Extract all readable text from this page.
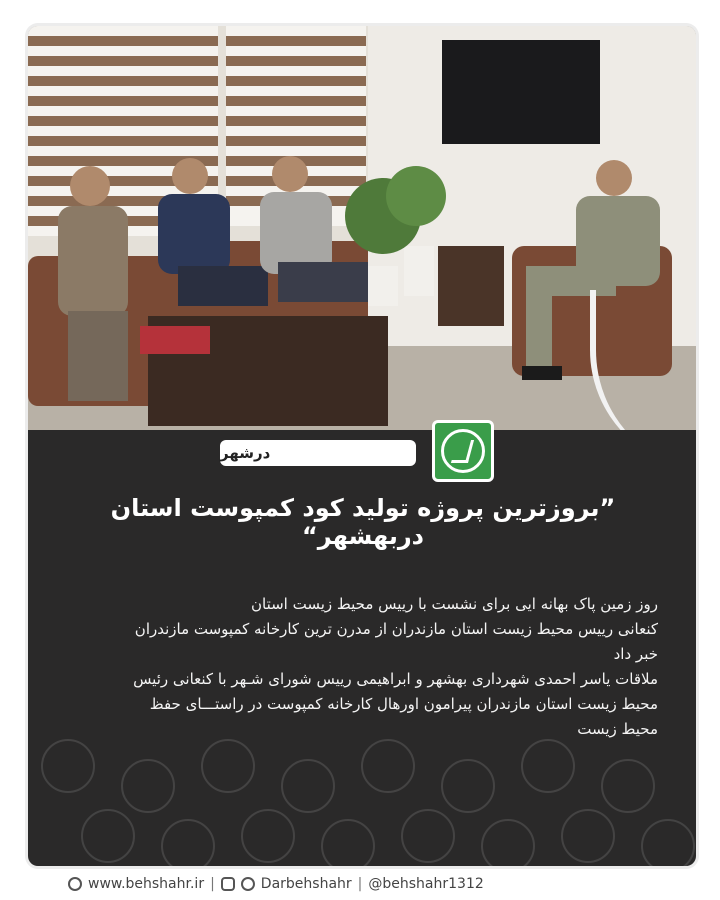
درشهر
”بروزترین پروژه تولید کود کمپوست استان دربهشهر“

روز زمین پاک بهانه ایی برای نشست با رییس محیط زیست استان

کنعانی رییس محیط زیست استان مازندران از مدرن ترین کارخانه کمپوست مازندران

خبر داد

ملاقات یاسر احمدی شهرداری بهشهر و ابراهیمی رییس شورای شـهر با کنعانی رئیس

محیط زیست استان مازندران پیرامون اورهال کارخانه کمپوست در راستـــای حفظ

محیط زیست

www.behshahr.ir |	Darbehshahr | @behshahr1312
